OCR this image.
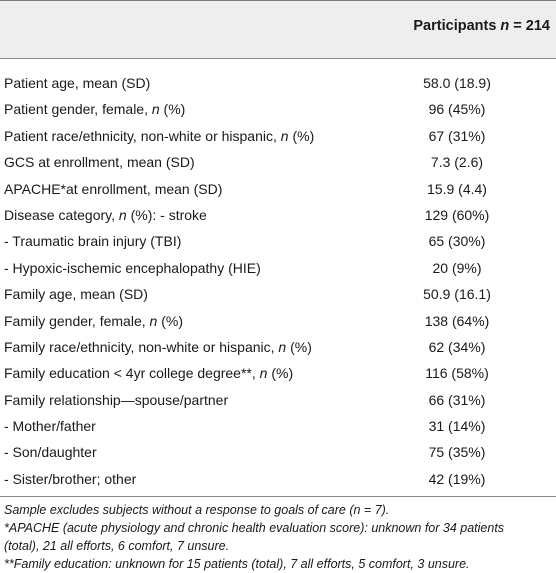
Participants n = 214
Patient age, mean (SD)	58.0 (18.9)
Patient gender, female, n (%)	96 (45%)
Patient race/ethnicity, non-white or hispanic, n (%)	67 (31%)
GCS at enrollment, mean (SD)	7.3 (2.6)
APACHE*at enrollment, mean (SD)	15.9 (4.4)
Disease category, n (%): - stroke	129 (60%)
- Traumatic brain injury (TBI)	65 (30%)
- Hypoxic-ischemic encephalopathy (HIE)	20 (9%)
Family age, mean (SD)	50.9 (16.1)
Family gender, female, n (%)	138 (64%)
Family race/ethnicity, non-white or hispanic, n (%)	62 (34%)
Family education < 4yr college degree**, n (%)	116 (58%)
Family relationship—spouse/partner	66 (31%)
- Mother/father	31 (14%)
- Son/daughter	75 (35%)
- Sister/brother; other	42 (19%)
Sample excludes subjects without a response to goals of care (n = 7).
*APACHE (acute physiology and chronic health evaluation score): unknown for 34 patients
(total), 21 all efforts, 6 comfort, 7 unsure.
**Family education: unknown for 15 patients (total), 7 all efforts, 5 comfort, 3 unsure.
